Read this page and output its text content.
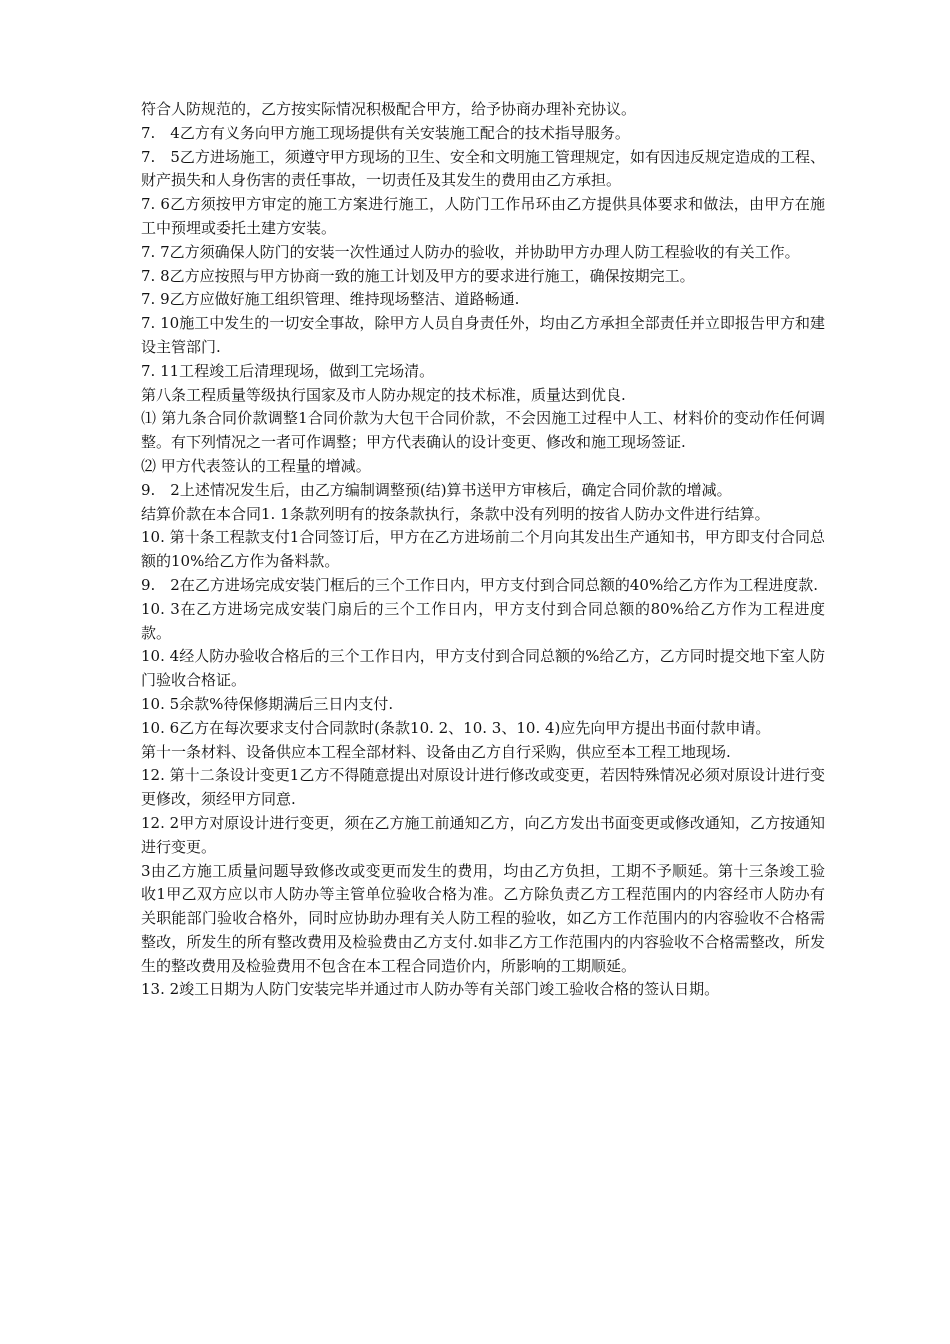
符合人防规范的，乙方按实际情况积极配合甲方，给予协商办理补充协议。

7.　4乙方有义务向甲方施工现场提供有关安装施工配合的技术指导服务。

7.　5乙方进场施工，须遵守甲方现场的卫生、安全和文明施工管理规定，如有因违反规定造成的工程、财产损失和人身伤害的责任事故，一切责任及其发生的费用由乙方承担。

7. 6乙方须按甲方审定的施工方案进行施工，人防门工作吊环由乙方提供具体要求和做法，由甲方在施工中预埋或委托土建方安装。

7. 7乙方须确保人防门的安装一次性通过人防办的验收，并协助甲方办理人防工程验收的有关工作。

7. 8乙方应按照与甲方协商一致的施工计划及甲方的要求进行施工，确保按期完工。

7. 9乙方应做好施工组织管理、维持现场整洁、道路畅通.

7. 10施工中发生的一切安全事故，除甲方人员自身责任外，均由乙方承担全部责任并立即报告甲方和建设主管部门.

7. 11工程竣工后清理现场，做到工完场清。

第八条工程质量等级执行国家及市人防办规定的技术标准，质量达到优良.

⑴ 第九条合同价款调整1合同价款为大包干合同价款，不会因施工过程中人工、材料价的变动作任何调整。有下列情况之一者可作调整；甲方代表确认的设计变更、修改和施工现场签证.

⑵ 甲方代表签认的工程量的增减。

9.　2上述情况发生后，由乙方编制调整预(结)算书送甲方审核后，确定合同价款的增减。

结算价款在本合同1. 1条款列明有的按条款执行，条款中没有列明的按省人防办文件进行结算。

10. 第十条工程款支付1合同签订后，甲方在乙方进场前二个月向其发出生产通知书，甲方即支付合同总额的10%给乙方作为备料款。

9.　2在乙方进场完成安装门框后的三个工作日内，甲方支付到合同总额的40%给乙方作为工程进度款.

10. 3在乙方进场完成安装门扇后的三个工作日内，甲方支付到合同总额的80%给乙方作为工程进度款。

10. 4经人防办验收合格后的三个工作日内，甲方支付到合同总额的%给乙方，乙方同时提交地下室人防门验收合格证。

10. 5余款%待保修期满后三日内支付.

10. 6乙方在每次要求支付合同款时(条款10. 2、10. 3、10. 4)应先向甲方提出书面付款申请。

第十一条材料、设备供应本工程全部材料、设备由乙方自行采购，供应至本工程工地现场.

12. 第十二条设计变更1乙方不得随意提出对原设计进行修改或变更，若因特殊情况必须对原设计进行变更修改，须经甲方同意.

12. 2甲方对原设计进行变更，须在乙方施工前通知乙方，向乙方发出书面变更或修改通知，乙方按通知进行变更。

3由乙方施工质量问题导致修改或变更而发生的费用，均由乙方负担，工期不予顺延。第十三条竣工验收1甲乙双方应以市人防办等主管单位验收合格为准。乙方除负责乙方工程范围内的内容经市人防办有关职能部门验收合格外，同时应协助办理有关人防工程的验收，如乙方工作范围内的内容验收不合格需整改，所发生的所有整改费用及检验费由乙方支付.如非乙方工作范围内的内容验收不合格需整改，所发生的整改费用及检验费用不包含在本工程合同造价内，所影响的工期顺延。

13. 2竣工日期为人防门安装完毕并通过市人防办等有关部门竣工验收合格的签认日期。
